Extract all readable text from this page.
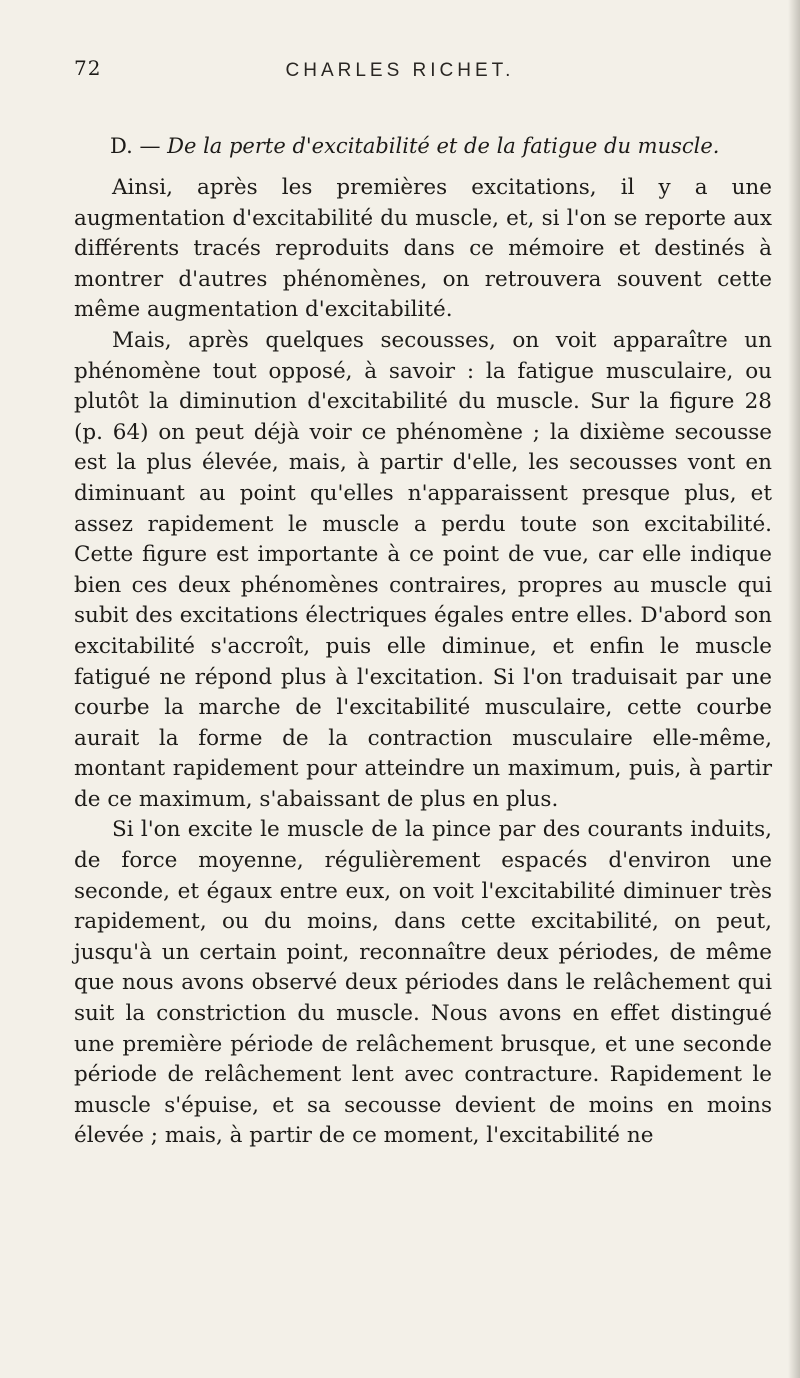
72	CHARLES RICHET.
D. — De la perte d'excitabilité et de la fatigue du muscle.

Ainsi, après les premières excitations, il y a une augmentation d'excitabilité du muscle, et, si l'on se reporte aux différents tracés reproduits dans ce mémoire et destinés à montrer d'autres phénomènes, on retrouvera souvent cette même augmentation d'excitabilité.

Mais, après quelques secousses, on voit apparaître un phénomène tout opposé, à savoir : la fatigue musculaire, ou plutôt la diminution d'excitabilité du muscle. Sur la figure 28 (p. 64) on peut déjà voir ce phénomène ; la dixième secousse est la plus élevée, mais, à partir d'elle, les secousses vont en diminuant au point qu'elles n'apparaissent presque plus, et assez rapidement le muscle a perdu toute son excitabilité. Cette figure est importante à ce point de vue, car elle indique bien ces deux phénomènes contraires, propres au muscle qui subit des excitations électriques égales entre elles. D'abord son excitabilité s'accroît, puis elle diminue, et enfin le muscle fatigué ne répond plus à l'excitation. Si l'on traduisait par une courbe la marche de l'excitabilité musculaire, cette courbe aurait la forme de la contraction musculaire elle-même, montant rapidement pour atteindre un maximum, puis, à partir de ce maximum, s'abaissant de plus en plus.

Si l'on excite le muscle de la pince par des courants induits, de force moyenne, régulièrement espacés d'environ une seconde, et égaux entre eux, on voit l'excitabilité diminuer très rapidement, ou du moins, dans cette excitabilité, on peut, jusqu'à un certain point, reconnaître deux périodes, de même que nous avons observé deux périodes dans le relâchement qui suit la constriction du muscle. Nous avons en effet distingué une première période de relâchement brusque, et une seconde période de relâchement lent avec contracture. Rapidement le muscle s'épuise, et sa secousse devient de moins en moins élevée ; mais, à partir de ce moment, l'excitabilité ne
